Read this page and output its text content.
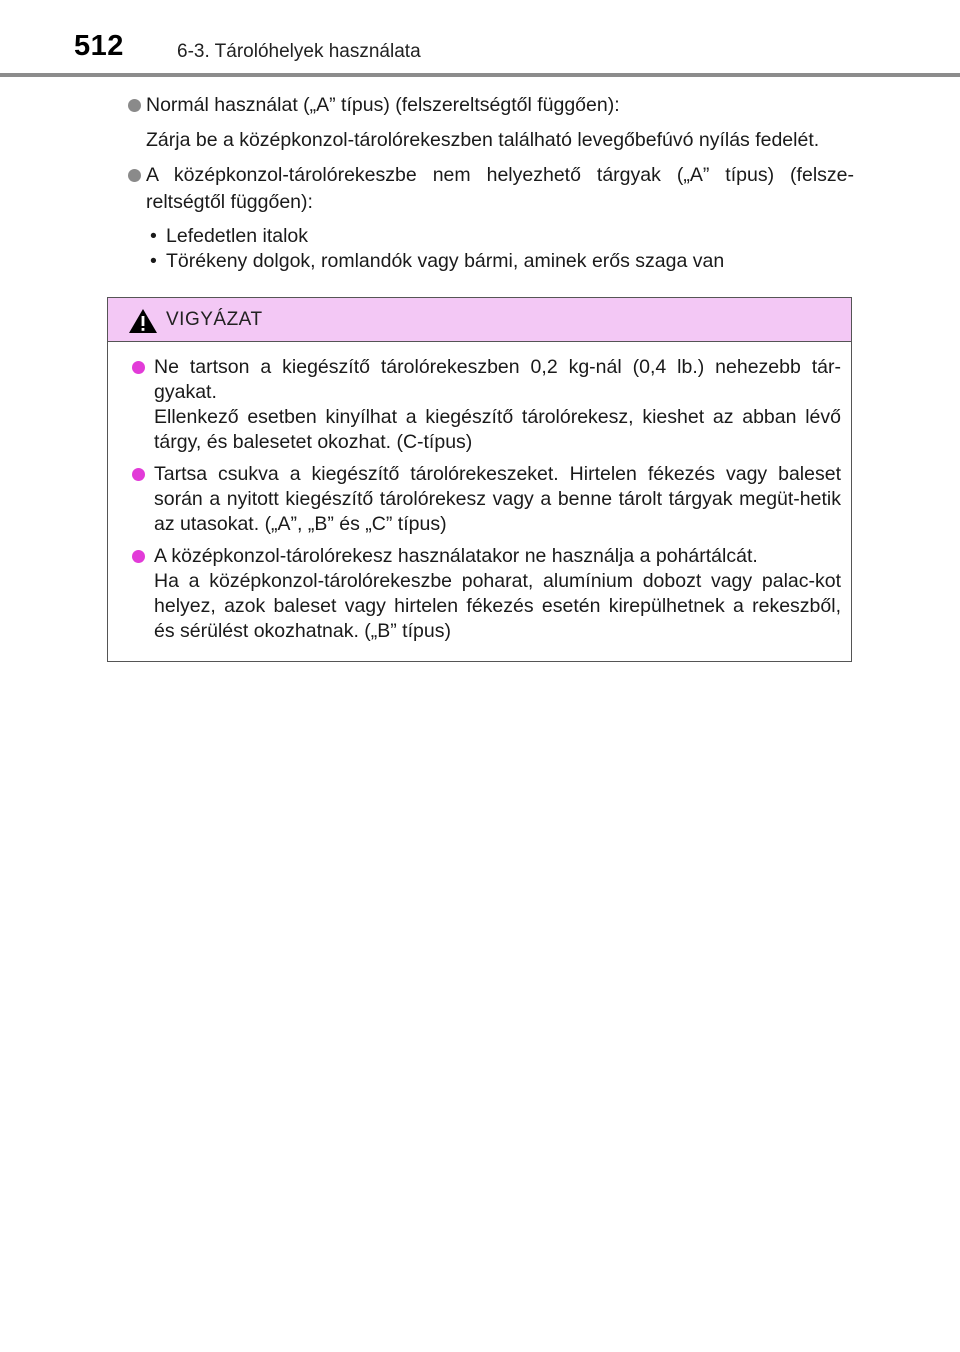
512	6-3. Tárolóhelyek használata
Normál használat („A” típus) (felszereltségtől függően):
Zárja be a középkonzol-tárolórekeszben található levegőbefúvó nyílás fedelét.
A középkonzol-tárolórekeszbe nem helyezhető tárgyak („A” típus) (felsze-reltségtől függően):
• Lefedetlen italok
• Törékeny dolgok, romlandók vagy bármi, aminek erős szaga van
VIGYÁZAT
Ne tartson a kiegészítő tárolórekeszben 0,2 kg-nál (0,4 lb.) nehezebb tár-gyakat.
Ellenkező esetben kinyílhat a kiegészítő tárolórekesz, kieshet az abban lévő tárgy, és balesetet okozhat. (C-típus)
Tartsa csukva a kiegészítő tárolórekeszeket. Hirtelen fékezés vagy baleset során a nyitott kiegészítő tárolórekesz vagy a benne tárolt tárgyak megüt-hetik az utasokat. („A”, „B” és „C” típus)
A középkonzol-tárolórekesz használatakor ne használja a pohártálcát.
Ha a középkonzol-tárolórekeszbe poharat, alumínium dobozt vagy palac-kot helyez, azok baleset vagy hirtelen fékezés esetén kirepülhetnek a rekeszből, és sérülést okozhatnak. („B” típus)
